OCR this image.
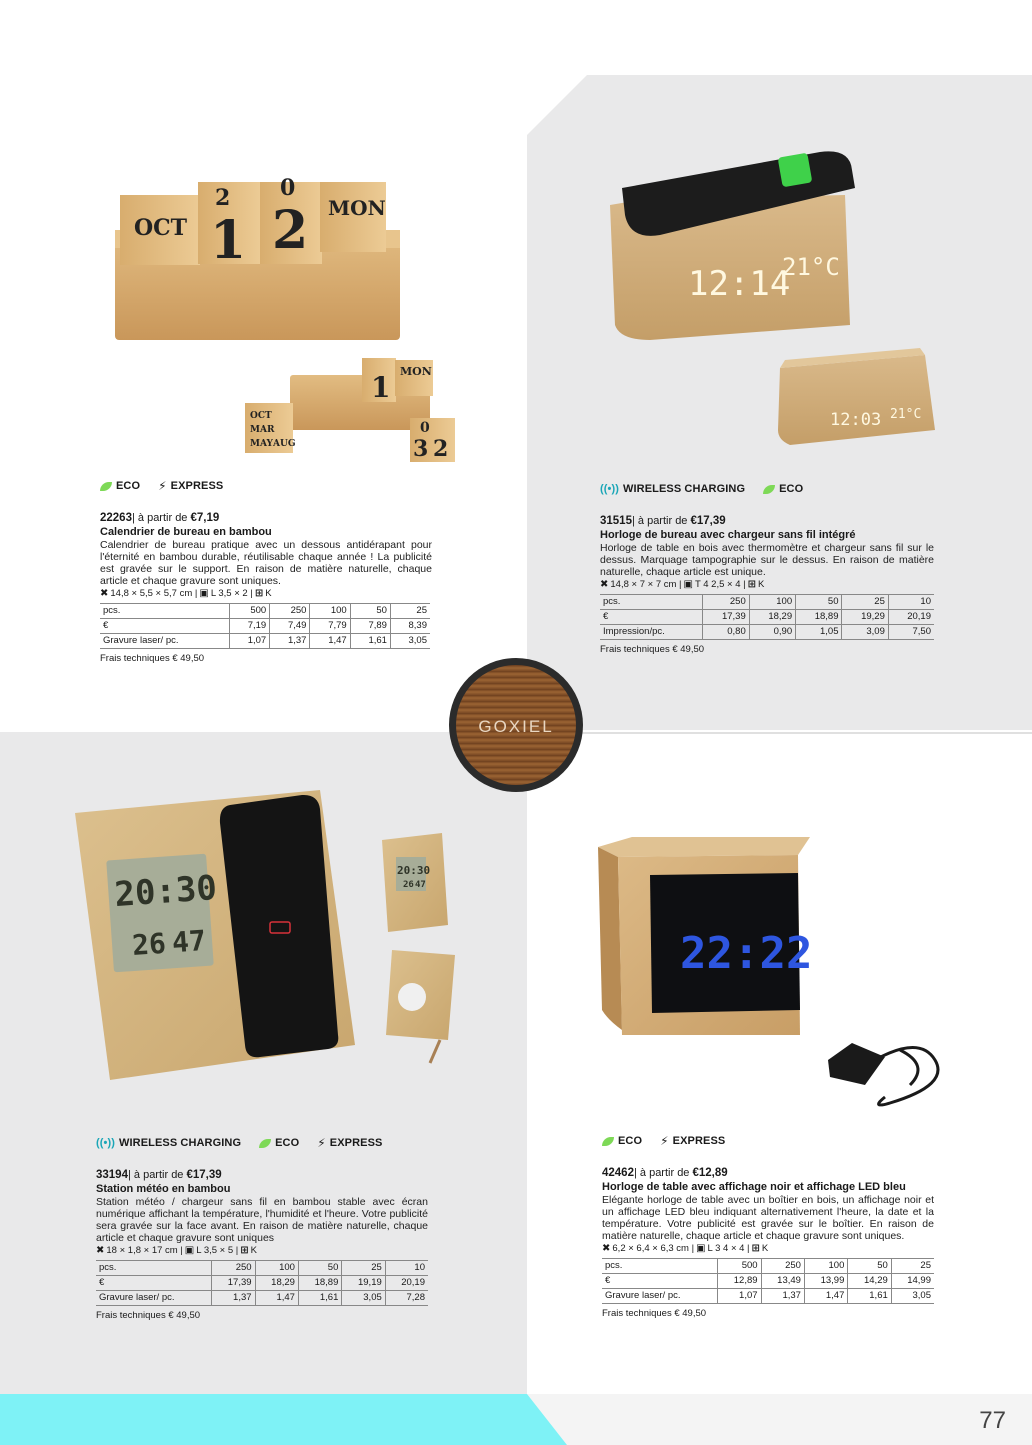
OCT
2 0
1 2 MON
1 MON
OCT
MAR
MAY AUG
0
3 2
ECO ⚡ EXPRESS
22263| à partir de €7,19
Calendrier de bureau en bambou
Calendrier de bureau pratique avec un dessous antidérapant pour l'éternité en bambou durable, réutilisable chaque année ! La publicité est gravée sur le support. En raison de matière naturelle, chaque article et chaque gravure sont uniques.
✖ 14,8 × 5,5 × 5,7 cm | ▣ L 3,5 × 2 | ⊞ K
pcs.	500	250	100	50	25
€	7,19	7,49	7,79	7,89	8,39
Gravure laser/ pc.	1,07	1,37	1,47	1,61	3,05
Frais techniques € 49,50
12:14
21°C
12:03 21°C
((•)) WIRELESS CHARGING	ECO
31515| à partir de €17,39
Horloge de bureau avec chargeur sans fil intégré
Horloge de table en bois avec thermomètre et chargeur sans fil sur le dessus. Marquage tampographie sur le dessus. En raison de matière naturelle, chaque article est unique.
✖ 14,8 × 7 × 7 cm | ▣ T 4 2,5 × 4 | ⊞ K
pcs.	250	100	50	25	10
€	17,39	18,29	18,89	19,29	20,19
Impression/pc.	0,80	0,90	1,05	3,09	7,50
Frais techniques € 49,50
GOXIEL
20:30
26 47
20:30
26 47
((•)) WIRELESS CHARGING	ECO ⚡ EXPRESS
33194| à partir de €17,39
Station météo en bambou
Station météo / chargeur sans fil en bambou stable avec écran numérique affichant la température, l'humidité et l'heure. Votre publicité sera gravée sur la face avant. En raison de matière naturelle, chaque article et chaque gravure sont uniques
✖ 18 × 1,8 × 17 cm | ▣ L 3,5 × 5 | ⊞ K
pcs.	250	100	50	25	10
€	17,39	18,29	18,89	19,19	20,19
Gravure laser/ pc.	1,37	1,47	1,61	3,05	7,28
Frais techniques € 49,50
22:22
ECO ⚡ EXPRESS
42462| à partir de €12,89
Horloge de table avec affichage noir et affichage LED bleu
Elégante horloge de table avec un boîtier en bois, un affichage noir et un affichage LED bleu indiquant alternativement l'heure, la date et la température. Votre publicité est gravée sur le boîtier. En raison de matière naturelle, chaque article et chaque gravure sont uniques.
✖ 6,2 × 6,4 × 6,3 cm | ▣ L 3 4 × 4 | ⊞ K
pcs.	500	250	100	50	25
€	12,89	13,49	13,99	14,29	14,99
Gravure laser/ pc.	1,07	1,37	1,47	1,61	3,05
Frais techniques € 49,50
77
